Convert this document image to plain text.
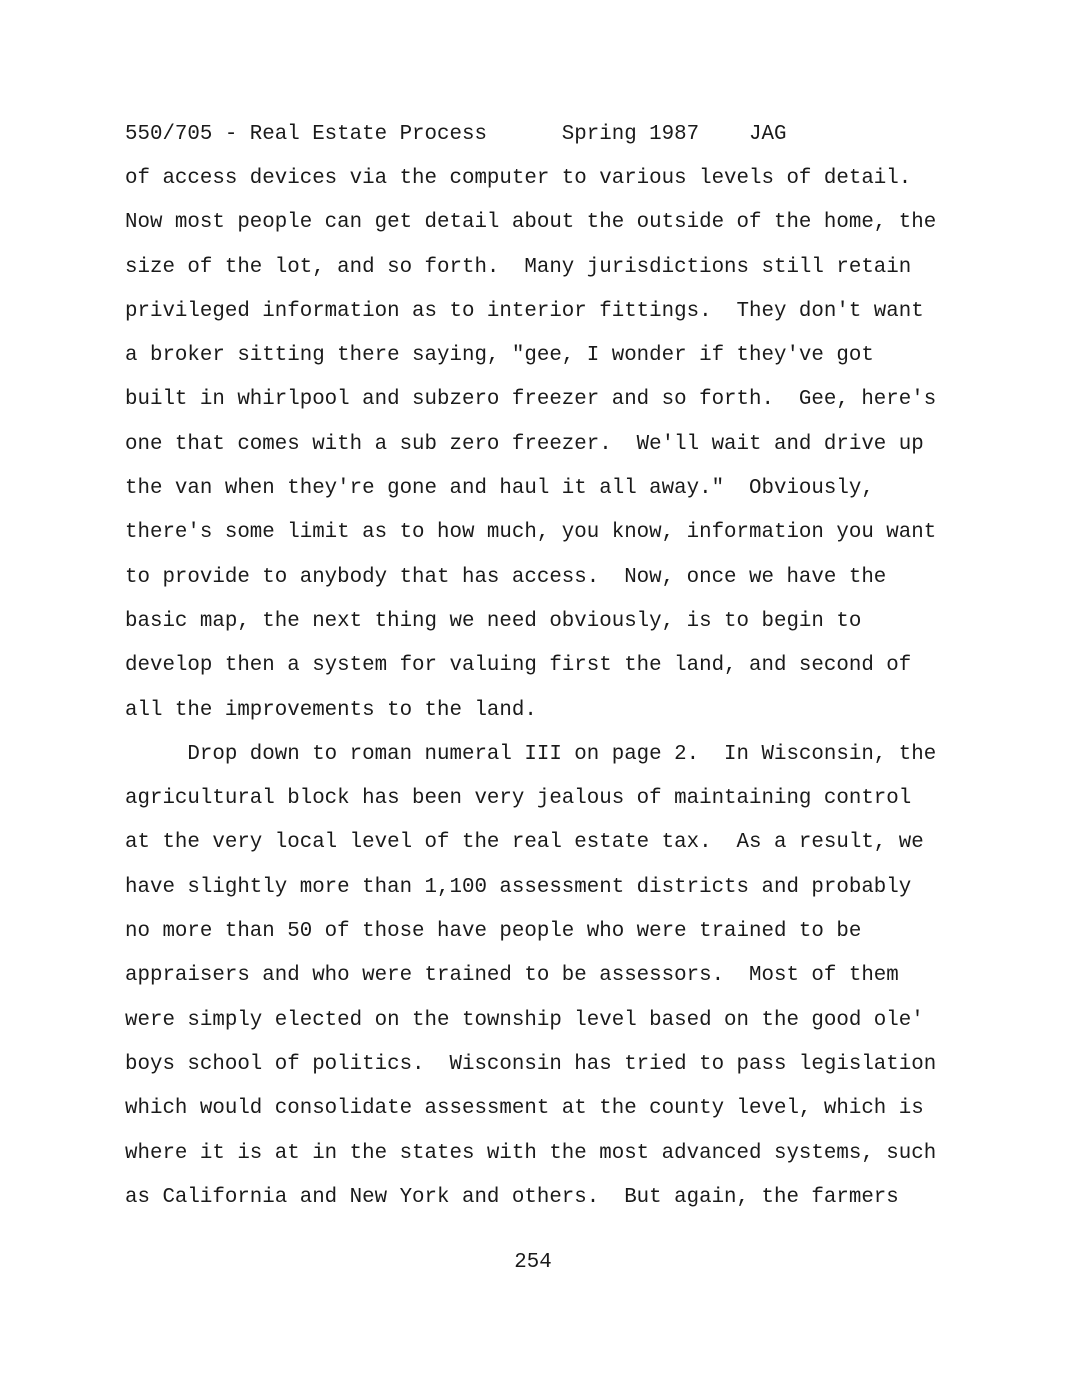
550/705 - Real Estate Process      Spring 1987    JAG
of access devices via the computer to various levels of detail.
Now most people can get detail about the outside of the home, the
size of the lot, and so forth.  Many jurisdictions still retain
privileged information as to interior fittings.  They don't want
a broker sitting there saying, "gee, I wonder if they've got
built in whirlpool and subzero freezer and so forth.  Gee, here's
one that comes with a sub zero freezer.  We'll wait and drive up
the van when they're gone and haul it all away."  Obviously,
there's some limit as to how much, you know, information you want
to provide to anybody that has access.  Now, once we have the
basic map, the next thing we need obviously, is to begin to
develop then a system for valuing first the land, and second of
all the improvements to the land.
Drop down to roman numeral III on page 2.  In Wisconsin, the
agricultural block has been very jealous of maintaining control
at the very local level of the real estate tax.  As a result, we
have slightly more than 1,100 assessment districts and probably
no more than 50 of those have people who were trained to be
appraisers and who were trained to be assessors.  Most of them
were simply elected on the township level based on the good ole'
boys school of politics.  Wisconsin has tried to pass legislation
which would consolidate assessment at the county level, which is
where it is at in the states with the most advanced systems, such
as California and New York and others.  But again, the farmers
254
